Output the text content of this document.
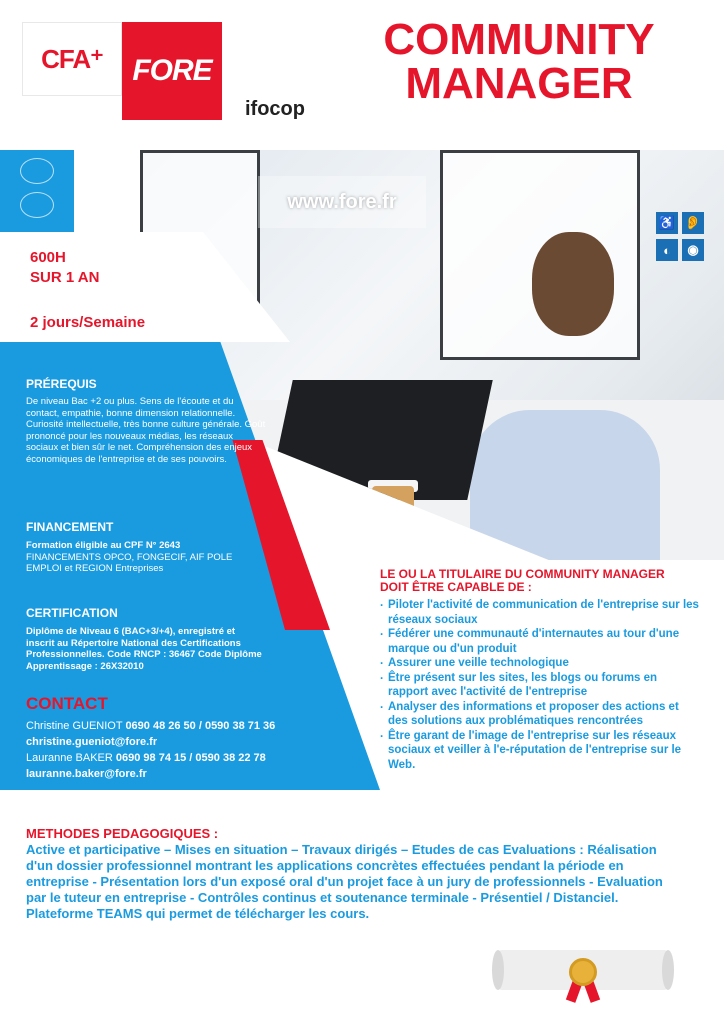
CFA⁺ FORE
ifocop
COMMUNITY
MANAGER
www.fore.fr
♿ 👂
◐	◉
600H
SUR 1 AN
2 jours/Semaine
PRÉREQUIS
De niveau Bac +2 ou plus. Sens de l'écoute et du contact, empathie, bonne dimension relationnelle. Curiosité intellectuelle, très bonne culture générale. Goût prononcé pour les nouveaux médias, les réseaux sociaux et bien sûr le net. Compréhension des enjeux économiques de l'entreprise et de ses pouvoirs.
FINANCEMENT
Formation éligible au CPF N° 2643
FINANCEMENTS OPCO, FONGECIF, AIF POLE EMPLOI et REGION Entreprises
CERTIFICATION
Diplôme de Niveau 6 (BAC+3/+4), enregistré et inscrit au Répertoire National des Certifications Professionnelles. Code RNCP : 36467 Code Diplôme Apprentissage : 26X32010
CONTACT
Christine GUENIOT 0690 48 26 50 / 0590 38 71 36
christine.gueniot@fore.fr
Lauranne BAKER 0690 98 74 15 / 0590 38 22 78
lauranne.baker@fore.fr
LE OU LA TITULAIRE DU COMMUNITY MANAGER DOIT ÊTRE CAPABLE DE :
. Piloter l'activité de communication de l'entreprise sur les réseaux sociaux
. Fédérer une communauté d'internautes au tour d'une marque ou d'un produit
. Assurer une veille technologique
. Être présent sur les sites, les blogs ou forums en rapport avec l'activité de l'entreprise
. Analyser des informations et proposer des actions et des solutions aux problématiques rencontrées
. Être garant de l'image de l'entreprise sur les réseaux sociaux et veiller à l'e-réputation de l'entreprise sur le Web.
METHODES PEDAGOGIQUES :
Active et participative – Mises en situation – Travaux dirigés – Etudes de cas Evaluations : Réalisation d'un dossier professionnel montrant les applications concrètes effectuées pendant la période en entreprise - Présentation lors d'un exposé oral d'un projet face à un jury de professionnels - Evaluation par le tuteur en entreprise - Contrôles continus et soutenance terminale - Présentiel / Distanciel. Plateforme TEAMS qui permet de télécharger les cours.
